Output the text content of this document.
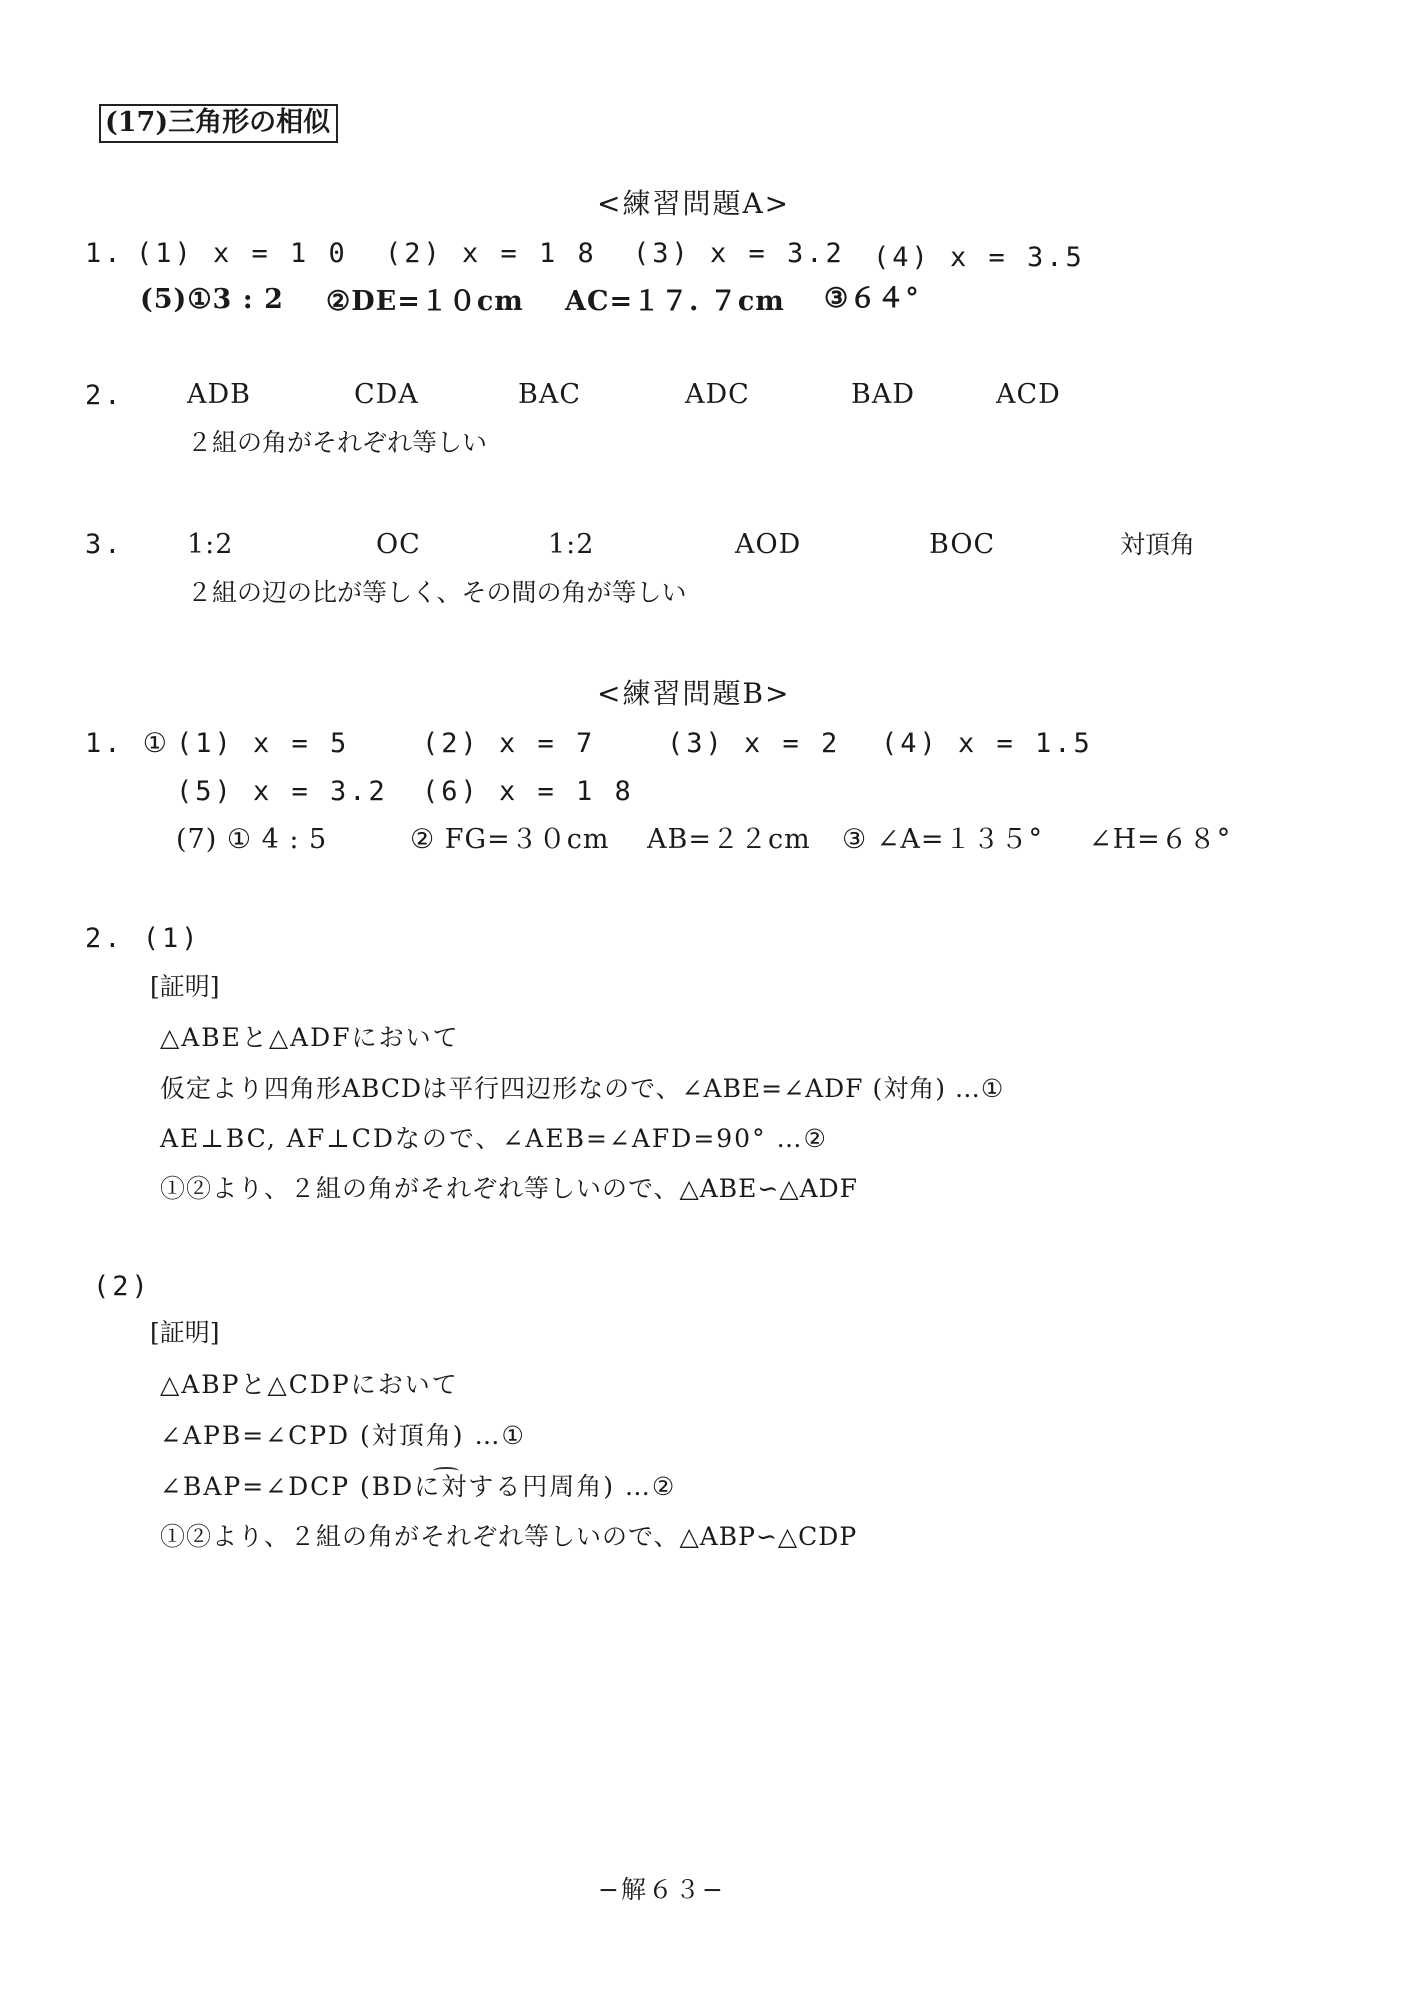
(17)三角形の相似
<練習問題A>
1. (1) x = 1 0 (2) x = 1 8 (3) x = 3.2 (4) x = 3.5
(5)①3 : 2 ②DE=１０cm AC=１７. ７cm ③６４°
2. ADB	CDA	BAC	ADC	BAD	ACD
２組の角がそれぞれ等しい
3. 1:2	OC	1:2	AOD	BOC	対頂角
２組の辺の比が等しく、その間の角が等しい
<練習問題B>
1. ① (1) x = 5	(2) x = 7	(3) x = 2 (4) x = 1.5
(5) x = 3.2 (6) x = 1 8
(7) ① 4 : 5	② FG=３０cm AB=２２cm ③ ∠A=１３５° ∠H=６８°
2. (1)
[証明]
△ABEと△ADFにおいて
仮定より四角形ABCDは平行四辺形なので、∠ABE=∠ADF (対角) …①
AE⊥BC, AF⊥CDなので、∠AEB=∠AFD=90° …②
①②より、２組の角がそれぞれ等しいので、△ABE∽△ADF
(2)
[証明]
△ABPと△CDPにおいて
∠APB=∠CPD (対頂角) …①
∠BAP=∠DCP (BDに対する円周角) …②
①②より、２組の角がそれぞれ等しいので、△ABP∽△CDP
−解６３−
